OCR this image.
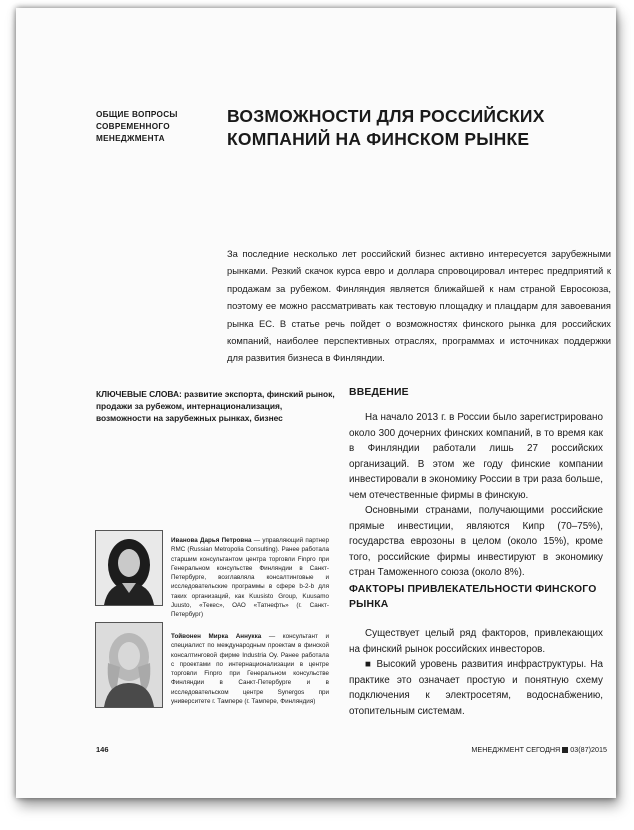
ОБЩИЕ ВОПРОСЫ СОВРЕМЕННОГО МЕНЕДЖМЕНТА
ВОЗМОЖНОСТИ ДЛЯ РОССИЙСКИХ КОМПАНИЙ НА ФИНСКОМ РЫНКЕ
За последние несколько лет российский бизнес активно интересуется зарубежными рынками. Резкий скачок курса евро и доллара спровоцировал интерес предприятий к продажам за рубежом. Финляндия является ближайшей к нам страной Евросоюза, поэтому ее можно рассматривать как тестовую площадку и плацдарм для завоевания рынка ЕС. В статье речь пойдет о возможностях финского рынка для российских компаний, наиболее перспективных отраслях, программах и источниках поддержки для развития бизнеса в Финляндии.
КЛЮЧЕВЫЕ СЛОВА: развитие экспорта, финский рынок, продажи за рубежом, интернационализация, возможности на зарубежных рынках, бизнес
ВВЕДЕНИЕ

На начало 2013 г. в России было зарегистрировано около 300 дочерних финских компаний, в то время как в Финляндии работали лишь 27 российских организаций. В этом же году финские компании инвестировали в экономику России в три раза больше, чем отечественные фирмы в финскую.

Основными странами, получающими российские прямые инвестиции, являются Кипр (70–75%), государства еврозоны в целом (около 15%), кроме того, российские фирмы инвестируют в экономику стран Таможенного союза (около 8%).

ФАКТОРЫ ПРИВЛЕКАТЕЛЬНОСТИ ФИНСКОГО РЫНКА

Существует целый ряд факторов, привлекающих на финский рынок российских инвесторов.

■ Высокий уровень развития инфраструктуры. На практике это означает простую и понятную схему подключения к электросетям, водоснабжению, отопительным системам.

Иванова Дарья Петровна — управляющий партнер RMC (Russian Metropolia Consulting). Ранее работала старшим консультантом центра торговли Finpro при Генеральном консульстве Финляндии в Санкт-Петербурге, возглавляла консалтинговые и исследовательские программы в сфере b-2-b для таких организаций, как Kuusisto Group, Kuusamo Juusto, «Текес», ОАО «Татнефть» (г. Санкт-Петербург)
Тойвонен Мирка Аннукка — консультант и специалист по международным проектам в финской консалтинговой фирме Industria Oy. Ранее работала с проектами по интернационализации в центре торговли Finpro при Генеральном консульстве Финляндии в Санкт-Петербурге и в исследовательском центре Synergos при университете г. Тампере (г. Тампере, Финляндия)
146	МЕНЕДЖМЕНТ СЕГОДНЯ 03(87)2015
